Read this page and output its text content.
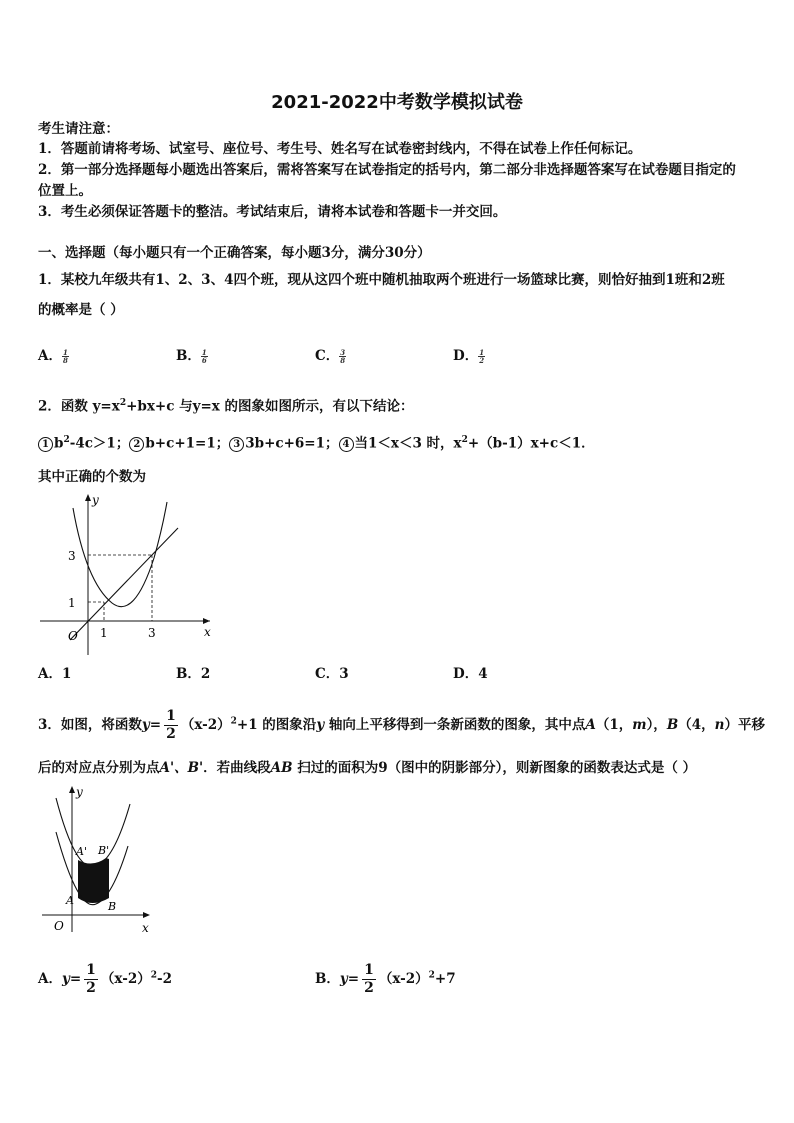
2021-2022中考数学模拟试卷
考生请注意：
1．答题前请将考场、试室号、座位号、考生号、姓名写在试卷密封线内，不得在试卷上作任何标记。
2．第一部分选择题每小题选出答案后，需将答案写在试卷指定的括号内，第二部分非选择题答案写在试卷题目指定的
位置上。
3．考生必须保证答题卡的整洁。考试结束后，请将本试卷和答题卡一并交回。
一、选择题（每小题只有一个正确答案，每小题3分，满分30分）
1．某校九年级共有1、2、3、4四个班，现从这四个班中随机抽取两个班进行一场篮球比赛，则恰好抽到1班和2班
的概率是（ ）
A． $\frac{1}{8}$	B． $\frac{1}{6}$	C． $\frac{3}{8}$	D． $\frac{1}{2}$
2．函数 $y=x^2+bx+c$ 与y=x 的图象如图所示，有以下结论：
1 $b^2-4c>1$； 2 b+c+1=1； 3 3b+c+6=1； 4 当1＜x＜3 时，$x^2+(b-1)x+c<1$．
其中正确的个数为
y
x
O 1	3
1
3
A．1	B．2	C．3	D．4
3．如图，将函数$y= \frac{1}{2} (x-2)^2+1$ 的图象沿y 轴向上平移得到一条新函数的图象，其中点A（1，m），B（4，n）平移
后的对应点分别为点A'、B'．若曲线段AB 扫过的面积为9（图中的阴影部分），则新图象的函数表达式是（ ）
y
x
O
A' B'
A	B
A．$y= \frac{1}{2} (x-2)^2-2$	B．$y= \frac{1}{2} (x-2)^2+7$
